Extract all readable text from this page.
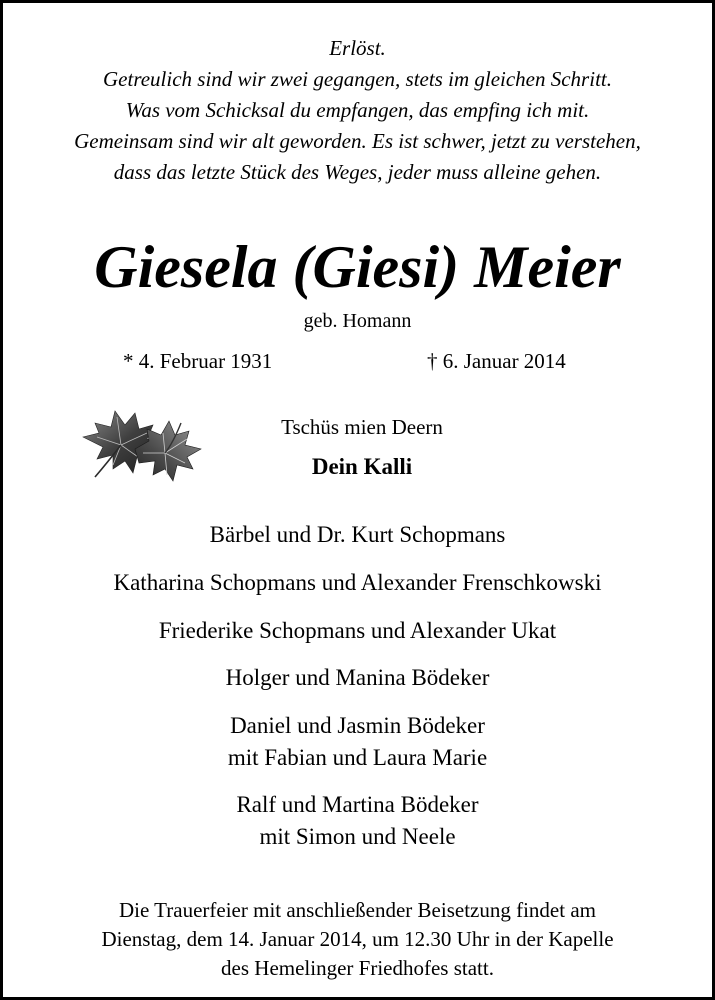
Erlöst.
Getreulich sind wir zwei gegangen, stets im gleichen Schritt.
Was vom Schicksal du empfangen, das empfing ich mit.
Gemeinsam sind wir alt geworden. Es ist schwer, jetzt zu verstehen,
dass das letzte Stück des Weges, jeder muss alleine gehen.
Giesela (Giesi) Meier
geb. Homann
* 4. Februar 1931	† 6. Januar 2014
Tschüs mien Deern
Dein Kalli
Bärbel und Dr. Kurt Schopmans
Katharina Schopmans und Alexander Frenschkowski
Friederike Schopmans und Alexander Ukat
Holger und Manina Bödeker
Daniel und Jasmin Bödeker
mit Fabian und Laura Marie
Ralf und Martina Bödeker
mit Simon und Neele
Die Trauerfeier mit anschließender Beisetzung findet am
Dienstag, dem 14. Januar 2014, um 12.30 Uhr in der Kapelle
des Hemelinger Friedhofes statt.
